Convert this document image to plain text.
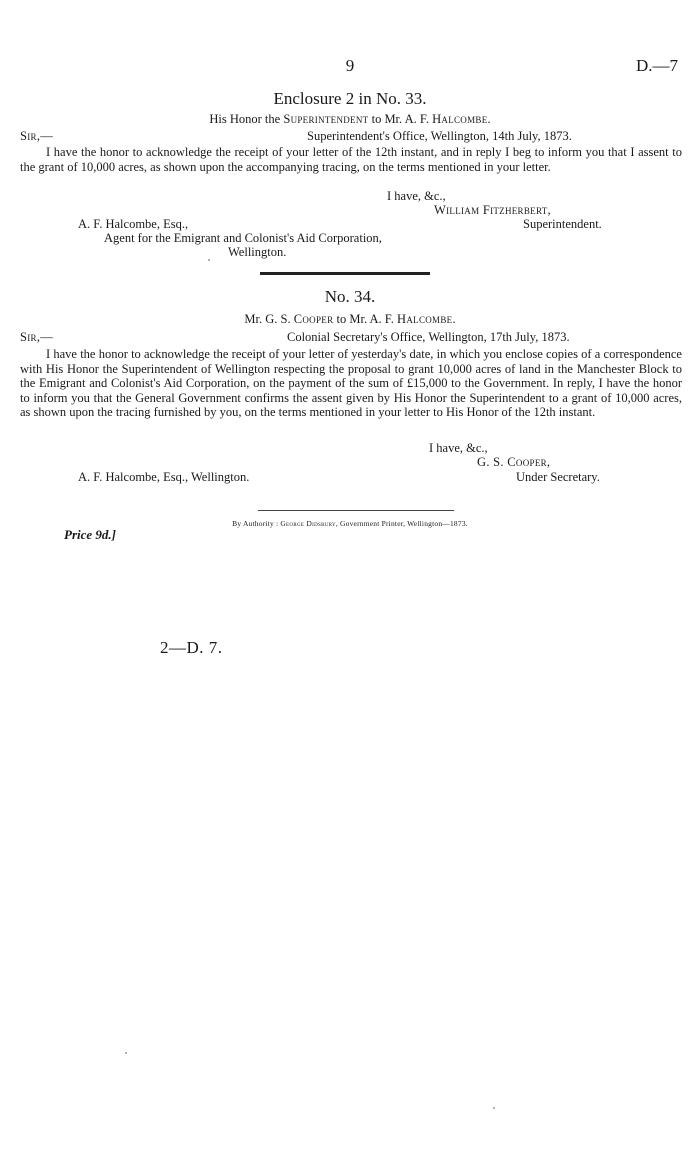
9	D.—7
Enclosure 2 in No. 33.
His Honor the Superintendent to Mr. A. F. Halcombe.
Sir,—	Superintendent's Office, Wellington, 14th July, 1873.
I have the honor to acknowledge the receipt of your letter of the 12th instant, and in reply I beg to inform you that I assent to the grant of 10,000 acres, as shown upon the accompanying tracing, on the terms mentioned in your letter.
I have, &c.,
William Fitzherbert,
Superintendent.
A. F. Halcombe, Esq.,
Agent for the Emigrant and Colonist's Aid Corporation,
Wellington.
No. 34.
Mr. G. S. Cooper to Mr. A. F. Halcombe.
Sir,—	Colonial Secretary's Office, Wellington, 17th July, 1873.
I have the honor to acknowledge the receipt of your letter of yesterday's date, in which you enclose copies of a correspondence with His Honor the Superintendent of Wellington respecting the proposal to grant 10,000 acres of land in the Manchester Block to the Emigrant and Colonist's Aid Corporation, on the payment of the sum of £15,000 to the Government. In reply, I have the honor to inform you that the General Government confirms the assent given by His Honor the Superintendent to a grant of 10,000 acres, as shown upon the tracing furnished by you, on the terms mentioned in your letter to His Honor of the 12th instant.
I have, &c.,
G. S. Cooper,
Under Secretary.
A. F. Halcombe, Esq., Wellington.
By Authority : George Didsbury, Government Printer, Wellington—1873.
Price 9d.]
2—D. 7.
